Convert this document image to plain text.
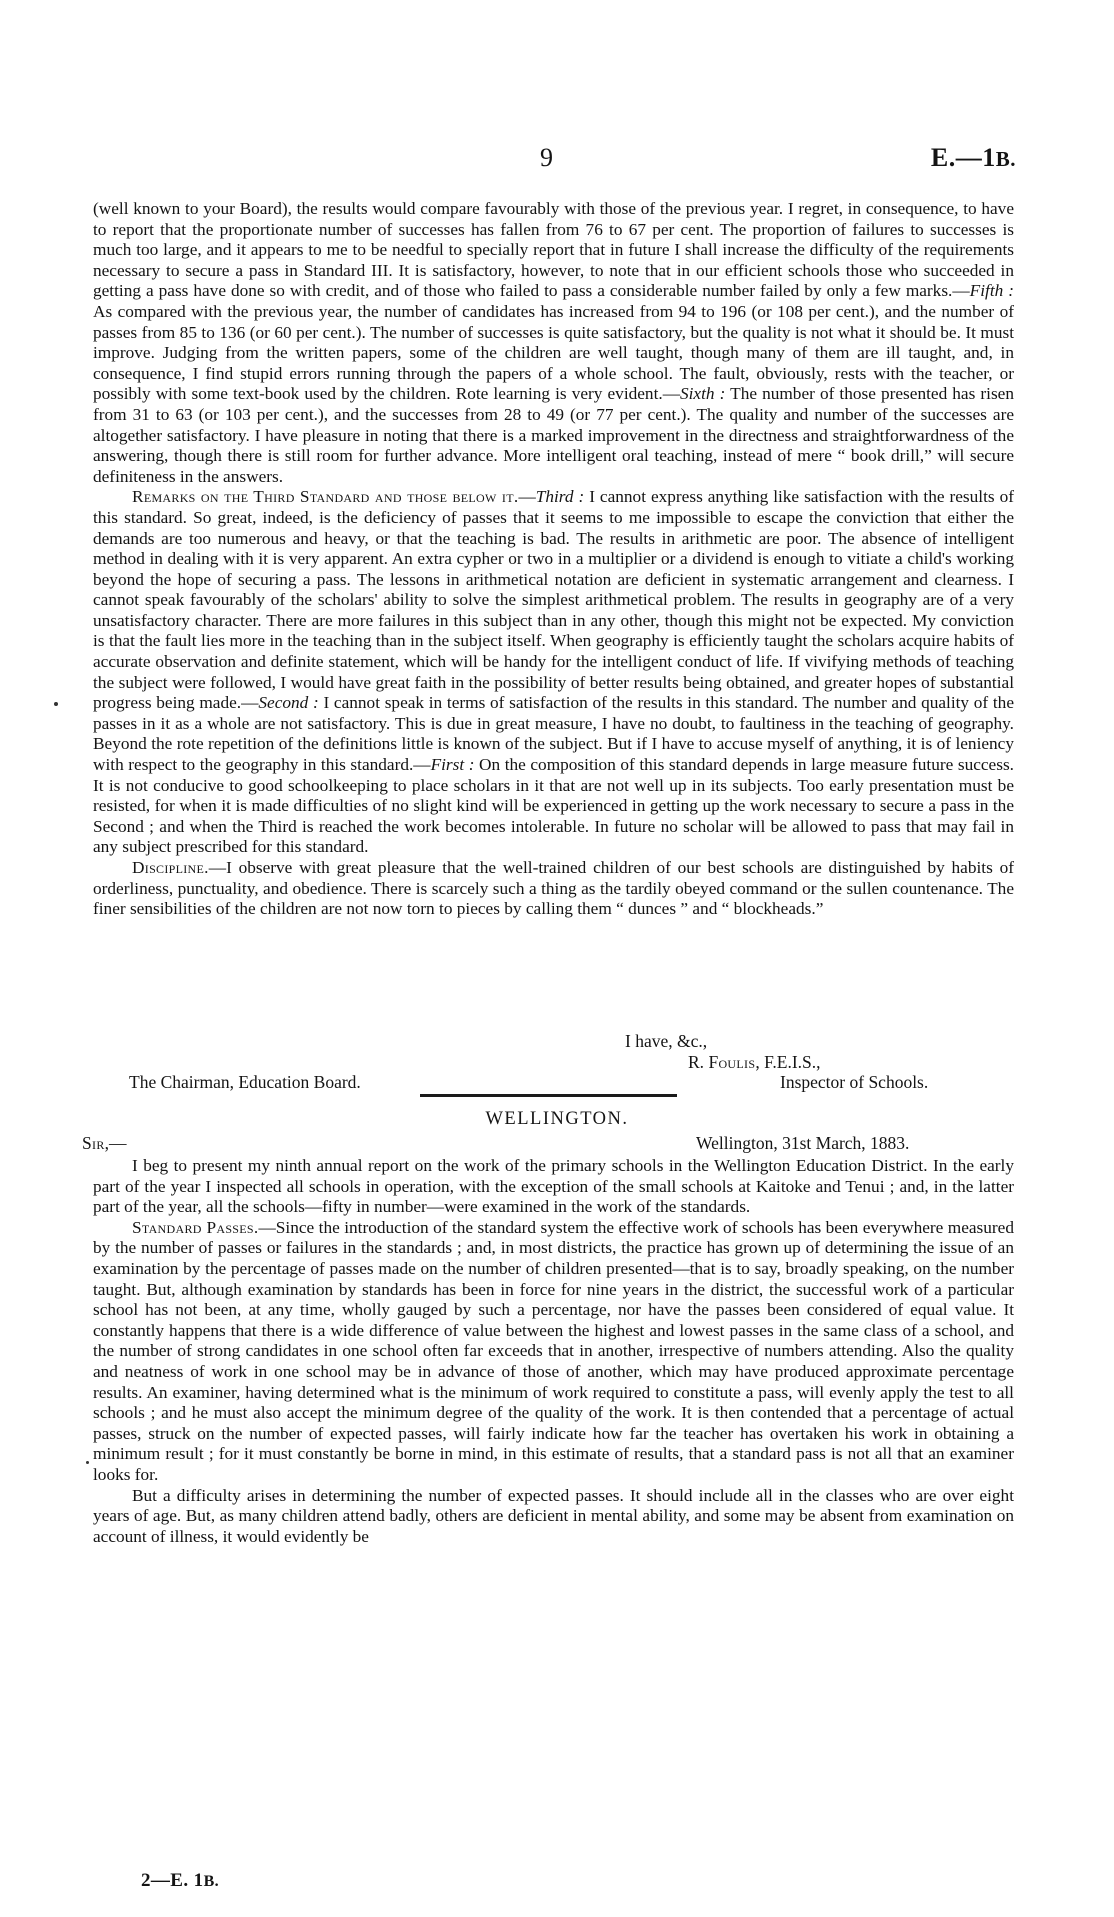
9	E.—1B.

(well known to your Board), the results would compare favourably with those of the previous year. I regret, in consequence, to have to report that the proportionate number of successes has fallen from 76 to 67 per cent. The proportion of failures to successes is much too large, and it appears to me to be needful to specially report that in future I shall increase the difficulty of the requirements necessary to secure a pass in Standard III. It is satisfactory, however, to note that in our efficient schools those who succeeded in getting a pass have done so with credit, and of those who failed to pass a considerable number failed by only a few marks.—Fifth : As compared with the previous year, the number of candidates has increased from 94 to 196 (or 108 per cent.), and the number of passes from 85 to 136 (or 60 per cent.). The number of successes is quite satisfactory, but the quality is not what it should be. It must improve. Judging from the written papers, some of the children are well taught, though many of them are ill taught, and, in consequence, I find stupid errors running through the papers of a whole school. The fault, obviously, rests with the teacher, or possibly with some text-book used by the children. Rote learning is very evident.—Sixth : The number of those presented has risen from 31 to 63 (or 103 per cent.), and the successes from 28 to 49 (or 77 per cent.). The quality and number of the successes are altogether satisfactory. I have pleasure in noting that there is a marked improvement in the directness and straightforwardness of the answering, though there is still room for further advance. More intelligent oral teaching, instead of mere “ book drill,” will secure definiteness in the answers.

Remarks on the Third Standard and those below it.—Third : I cannot express anything like satisfaction with the results of this standard. So great, indeed, is the deficiency of passes that it seems to me impossible to escape the conviction that either the demands are too numerous and heavy, or that the teaching is bad. The results in arithmetic are poor. The absence of intelligent method in dealing with it is very apparent. An extra cypher or two in a multiplier or a dividend is enough to vitiate a child's working beyond the hope of securing a pass. The lessons in arithmetical notation are deficient in systematic arrangement and clearness. I cannot speak favourably of the scholars' ability to solve the simplest arithmetical problem. The results in geography are of a very unsatisfactory character. There are more failures in this subject than in any other, though this might not be expected. My conviction is that the fault lies more in the teaching than in the subject itself. When geography is efficiently taught the scholars acquire habits of accurate observation and definite statement, which will be handy for the intelligent conduct of life. If vivifying methods of teaching the subject were followed, I would have great faith in the possibility of better results being obtained, and greater hopes of substantial progress being made.—Second : I cannot speak in terms of satisfaction of the results in this standard. The number and quality of the passes in it as a whole are not satisfactory. This is due in great measure, I have no doubt, to faultiness in the teaching of geography. Beyond the rote repetition of the definitions little is known of the subject. But if I have to accuse myself of anything, it is of leniency with respect to the geography in this standard.—First : On the composition of this standard depends in large measure future success. It is not conducive to good schoolkeeping to place scholars in it that are not well up in its subjects. Too early presentation must be resisted, for when it is made difficulties of no slight kind will be experienced in getting up the work necessary to secure a pass in the Second ; and when the Third is reached the work becomes intolerable. In future no scholar will be allowed to pass that may fail in any subject prescribed for this standard.

Discipline.—I observe with great pleasure that the well-trained children of our best schools are distinguished by habits of orderliness, punctuality, and obedience. There is scarcely such a thing as the tardily obeyed command or the sullen countenance. The finer sensibilities of the children are not now torn to pieces by calling them “ dunces ” and “ blockheads.”

I have, &c.,
R. Foulis, F.E.I.S.,
The Chairman, Education Board.	Inspector of Schools.
WELLINGTON.
Sir,—	Wellington, 31st March, 1883.

I beg to present my ninth annual report on the work of the primary schools in the Wellington Education District. In the early part of the year I inspected all schools in operation, with the exception of the small schools at Kaitoke and Tenui ; and, in the latter part of the year, all the schools—fifty in number—were examined in the work of the standards.

Standard Passes.—Since the introduction of the standard system the effective work of schools has been everywhere measured by the number of passes or failures in the standards ; and, in most districts, the practice has grown up of determining the issue of an examination by the percentage of passes made on the number of children presented—that is to say, broadly speaking, on the number taught. But, although examination by standards has been in force for nine years in the district, the successful work of a particular school has not been, at any time, wholly gauged by such a percentage, nor have the passes been considered of equal value. It constantly happens that there is a wide difference of value between the highest and lowest passes in the same class of a school, and the number of strong candidates in one school often far exceeds that in another, irrespective of numbers attending. Also the quality and neatness of work in one school may be in advance of those of another, which may have produced approximate percentage results. An examiner, having determined what is the minimum of work required to constitute a pass, will evenly apply the test to all schools ; and he must also accept the minimum degree of the quality of the work. It is then contended that a percentage of actual passes, struck on the number of expected passes, will fairly indicate how far the teacher has overtaken his work in obtaining a minimum result ; for it must constantly be borne in mind, in this estimate of results, that a standard pass is not all that an examiner looks for.

But a difficulty arises in determining the number of expected passes. It should include all in the classes who are over eight years of age. But, as many children attend badly, others are deficient in mental ability, and some may be absent from examination on account of illness, it would evidently be

2—E. 1B.
